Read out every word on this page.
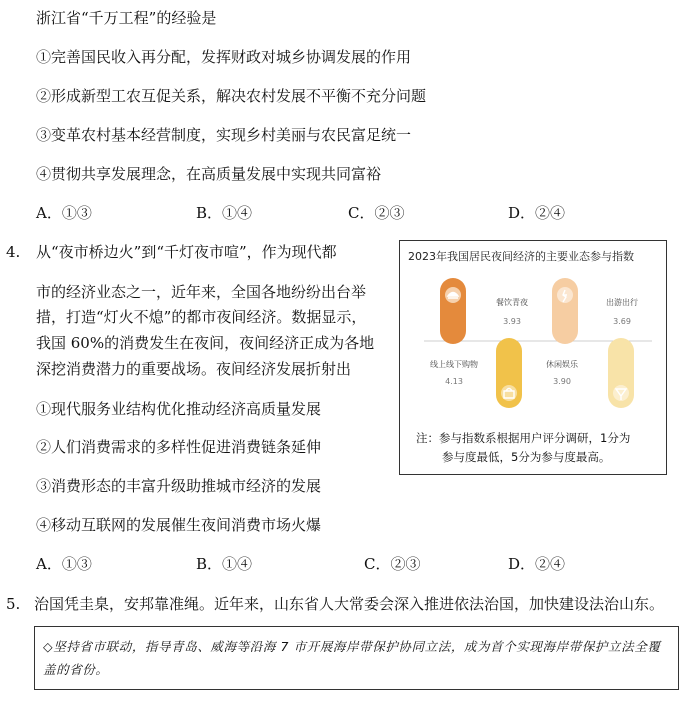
浙江省“千万工程”的经验是
①完善国民收入再分配，发挥财政对城乡协调发展的作用
②形成新型工农互促关系，解决农村发展不平衡不充分问题
③变革农村基本经营制度，实现乡村美丽与农民富足统一
④贯彻共享发展理念，在高质量发展中实现共同富裕
A．①③	B．①④	C．②③	D．②④
4. 从“夜市桥边火”到“千灯夜市喧”，作为现代都
市的经济业态之一，近年来，全国各地纷纷出台举
措，打造“灯火不熄”的都市夜间经济。数据显示，
我国 60%的消费发生在夜间，夜间经济正成为各地
深挖消费潜力的重要战场。夜间经济发展折射出
①现代服务业结构优化推动经济高质量发展
②人们消费需求的多样性促进消费链条延伸
③消费形态的丰富升级助推城市经济的发展
④移动互联网的发展催生夜间消费市场火爆
A．①③	B．①④	C．②③	D．②④
2023年我国居民夜间经济的主要业态参与指数
餐饮青夜
3.93
出游出行
3.69
线上线下购物
4.13
休闲娱乐
3.90
注：参与指数系根据用户评分调研，1分为
参与度最低，5分为参与度最高。
5. 治国凭圭臬，安邦靠准绳。近年来，山东省人大常委会深入推进依法治国，加快建设法治山东。
◇坚持省市联动，指导青岛、威海等沿海 7 市开展海岸带保护协同立法，成为首个实现海岸带保护立法全覆盖的省份。
